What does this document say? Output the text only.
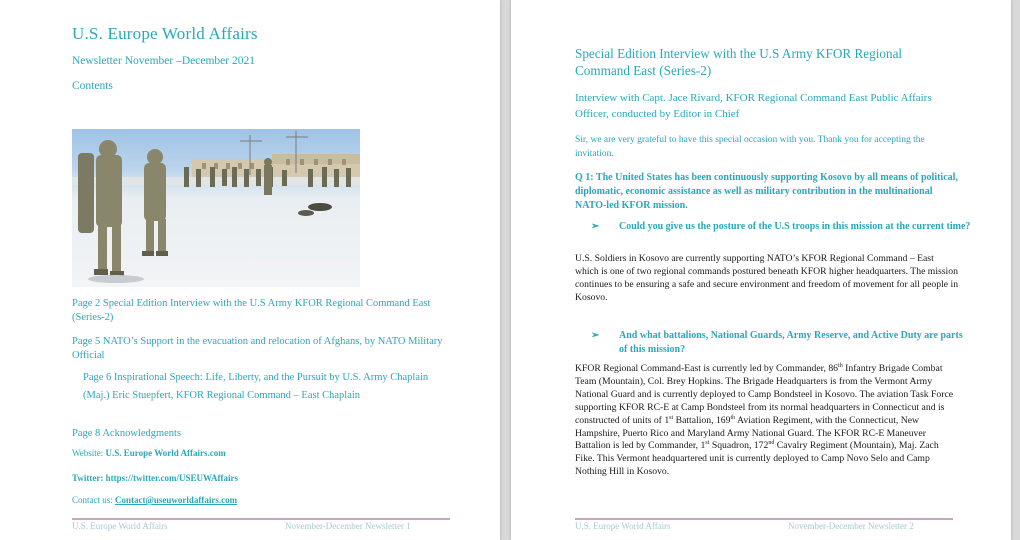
U.S. Europe World Affairs
Newsletter November –December 2021
Contents
Page 2 Special Edition Interview with the U.S Army KFOR Regional Command East (Series-2)
Page 5 NATO’s Support in the evacuation and relocation of Afghans, by NATO Military Official
Page 6 Inspirational Speech: Life, Liberty, and the Pursuit by U.S. Army Chaplain (Maj.) Eric Stuepfert, KFOR Regional Command – East Chaplain
Page 8 Acknowledgments
Website: U.S. Europe World Affairs.com
Twitter: https://twitter.com/USEUWAffairs
Contact us: Contact@useuworldaffairs.com
U.S. Europe World Affairs	November-December Newsletter 1
Special Edition Interview with the U.S Army KFOR Regional Command East (Series-2)
Interview with Capt. Jace Rivard, KFOR Regional Command East Public Affairs Officer, conducted by Editor in Chief
Sir, we are very grateful to have this special occasion with you. Thank you for accepting the invitation.
Q 1: The United States has been continuously supporting Kosovo by all means of political, diplomatic, economic assistance as well as military contribution in the multinational NATO-led KFOR mission.
➢ Could you give us the posture of the U.S troops in this mission at the current time?
U.S. Soldiers in Kosovo are currently supporting NATO’s KFOR Regional Command – East which is one of two regional commands postured beneath KFOR higher headquarters. The mission continues to be ensuring a safe and secure environment and freedom of movement for all people in Kosovo.
➢ And what battalions, National Guards, Army Reserve, and Active Duty are parts of this mission?
KFOR Regional Command-East is currently led by Commander, 86th Infantry Brigade Combat Team (Mountain), Col. Brey Hopkins. The Brigade Headquarters is from the Vermont Army National Guard and is currently deployed to Camp Bondsteel in Kosovo. The aviation Task Force supporting KFOR RC-E at Camp Bondsteel from its normal headquarters in Connecticut and is constructed of units of 1st Battalion, 169th Aviation Regiment, with the Connecticut, New Hampshire, Puerto Rico and Maryland Army National Guard. The KFOR RC-E Maneuver Battalion is led by Commander, 1st Squadron, 172nd Cavalry Regiment (Mountain), Maj. Zach Fike. This Vermont headquartered unit is currently deployed to Camp Novo Selo and Camp Nothing Hill in Kosovo.
U.S. Europe World Affairs	November-December Newsletter 2
